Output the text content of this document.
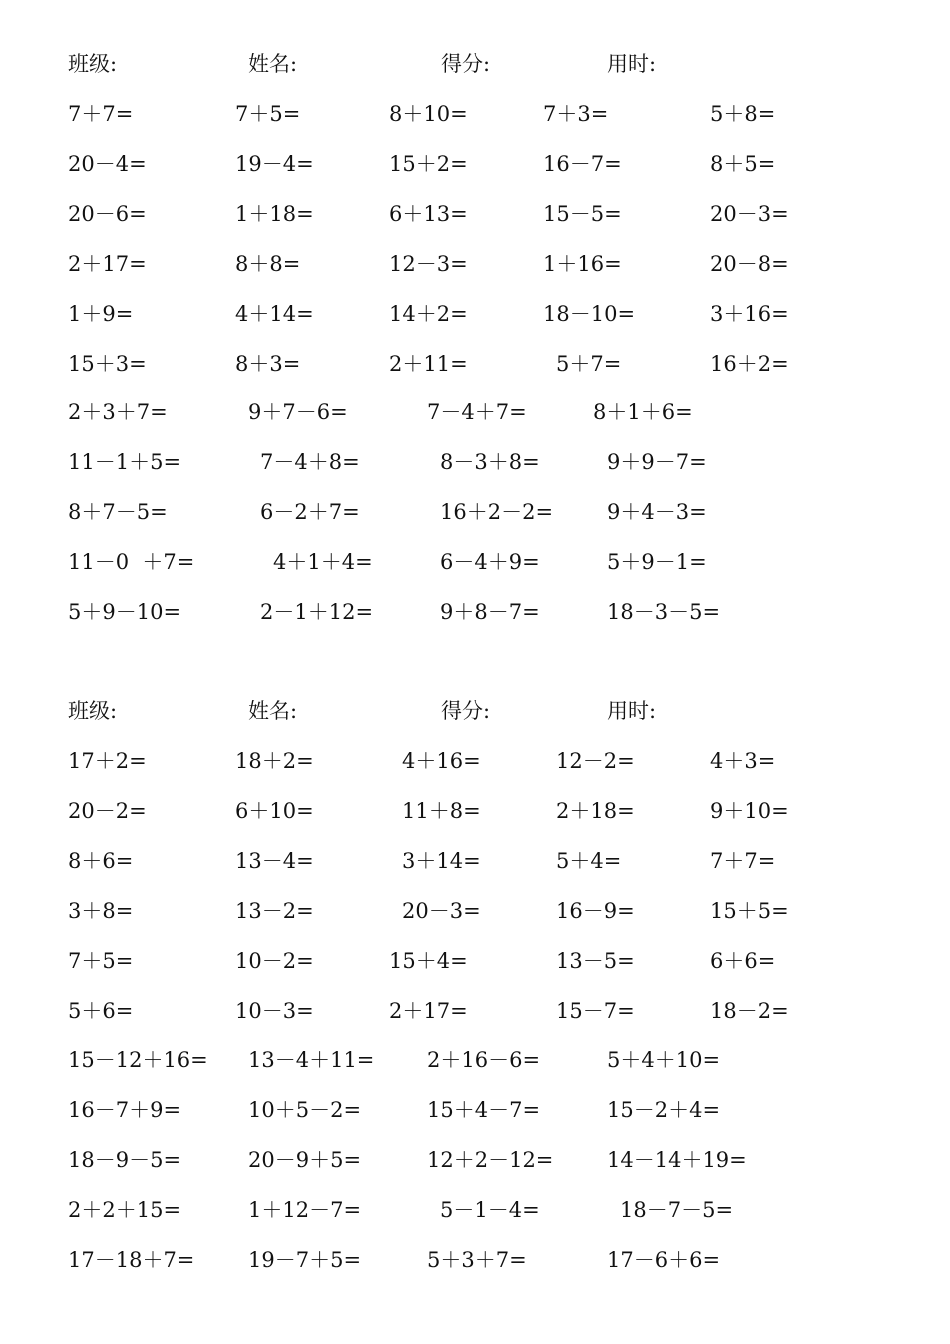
班级:	姓名:	得分:	用时:
7＋7=	7＋5=	8＋10=	7＋3=	5＋8=
20－4=	19－4=	15＋2=	16－7=	8＋5=
20－6=	1＋18=	6＋13=	15－5=	20－3=
2＋17=	8＋8=	12－3=	1＋16=	20－8=
1＋9=	4＋14=	14＋2=	18－10=	3＋16=
15＋3=	8＋3=	2＋11=	5＋7=	16＋2=
2＋3＋7=	9＋7－6=	7－4＋7=	8＋1＋6=
11－1＋5=	7－4＋8=	8－3＋8=	9＋9－7=
8＋7－5=	6－2＋7=	16＋2－2=	9＋4－3=
11－0  ＋7=	4＋1＋4=	6－4＋9=	5＋9－1=
5＋9－10=	2－1＋12=	9＋8－7=	18－3－5=
班级:	姓名:	得分:	用时:
17＋2=	18＋2=	4＋16=	12－2=	4＋3=
20－2=	6＋10=	11＋8=	2＋18=	9＋10=
8＋6=	13－4=	3＋14=	5＋4=	7＋7=
3＋8=	13－2=	20－3=	16－9=	15＋5=
7＋5=	10－2=	15＋4=	13－5=	6＋6=
5＋6=	10－3=	2＋17=	15－7=	18－2=
15－12＋16= 13－4＋11=	2＋16－6=	5＋4＋10=
16－7＋9=	10＋5－2=	15＋4－7=	15－2＋4=
18－9－5=	20－9＋5=	12＋2－12=	14－14＋19=
2＋2＋15=	1＋12－7=	5－1－4=	18－7－5=
17－18＋7=	19－7＋5=	5＋3＋7=	17－6＋6=
